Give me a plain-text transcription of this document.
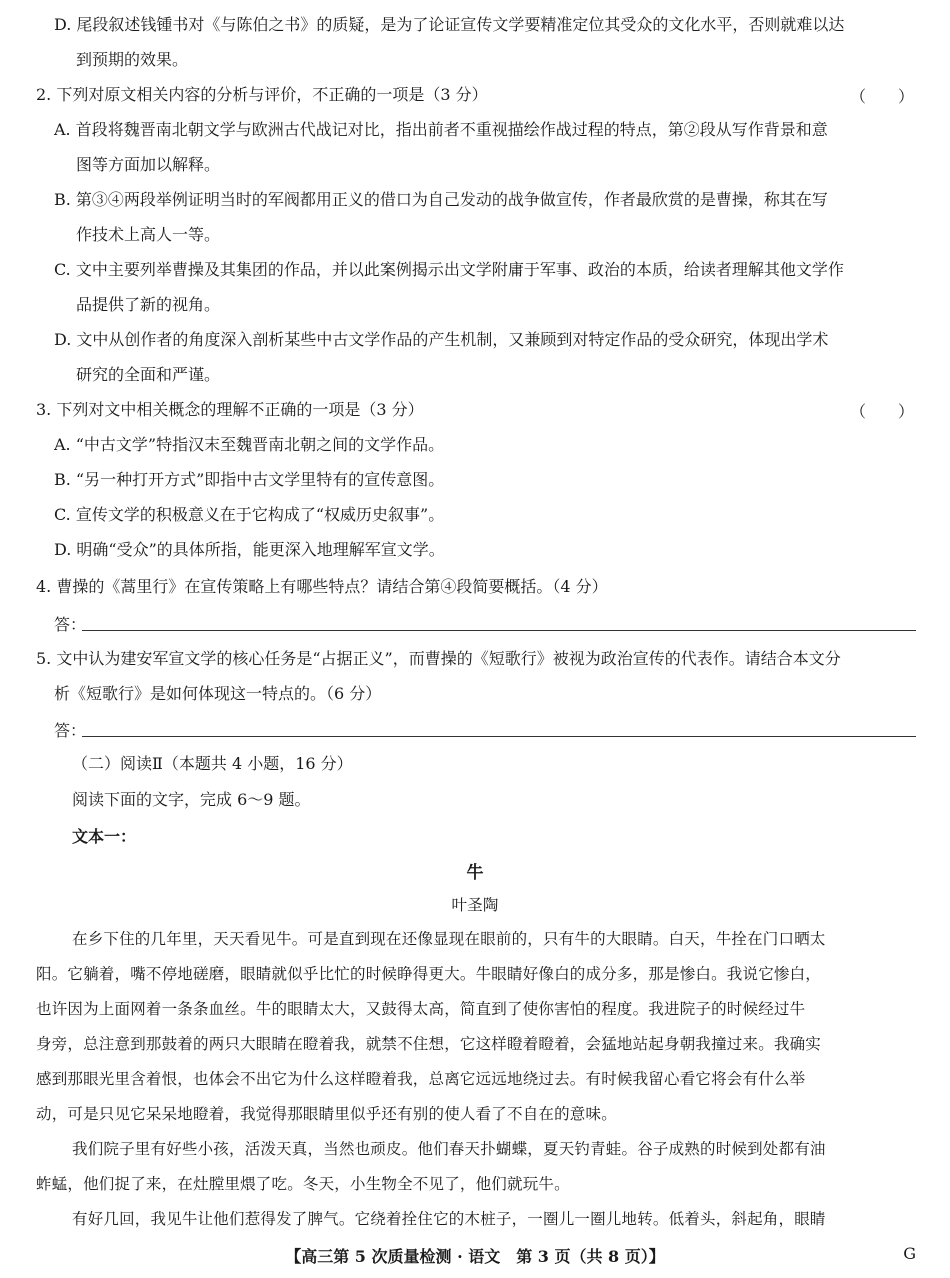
D. 尾段叙述钱锺书对《与陈伯之书》的质疑，是为了论证宣传文学要精准定位其受众的文化水平，否则就难以达
到预期的效果。
2. 下列对原文相关内容的分析与评价，不正确的一项是（3 分）	（　　）
A. 首段将魏晋南北朝文学与欧洲古代战记对比，指出前者不重视描绘作战过程的特点，第②段从写作背景和意
图等方面加以解释。
B. 第③④两段举例证明当时的军阀都用正义的借口为自己发动的战争做宣传，作者最欣赏的是曹操，称其在写
作技术上高人一等。
C. 文中主要列举曹操及其集团的作品，并以此案例揭示出文学附庸于军事、政治的本质，给读者理解其他文学作
品提供了新的视角。
D. 文中从创作者的角度深入剖析某些中古文学作品的产生机制，又兼顾到对特定作品的受众研究，体现出学术
研究的全面和严谨。
3. 下列对文中相关概念的理解不正确的一项是（3 分）	（　　）
A. “中古文学”特指汉末至魏晋南北朝之间的文学作品。
B. “另一种打开方式”即指中古文学里特有的宣传意图。
C. 宣传文学的积极意义在于它构成了“权威历史叙事”。
D. 明确“受众”的具体所指，能更深入地理解军宣文学。
4. 曹操的《蒿里行》在宣传策略上有哪些特点？请结合第④段简要概括。（4 分）
答：
5. 文中认为建安军宣文学的核心任务是“占据正义”，而曹操的《短歌行》被视为政治宣传的代表作。请结合本文分
析《短歌行》是如何体现这一特点的。（6 分）
答：
（二）阅读Ⅱ（本题共 4 小题，16 分）
阅读下面的文字，完成 6～9 题。
文本一：
牛
叶圣陶
在乡下住的几年里，天天看见牛。可是直到现在还像显现在眼前的，只有牛的大眼睛。白天，牛拴在门口晒太
阳。它躺着，嘴不停地磋磨，眼睛就似乎比忙的时候睁得更大。牛眼睛好像白的成分多，那是惨白。我说它惨白，
也许因为上面网着一条条血丝。牛的眼睛太大，又鼓得太高，简直到了使你害怕的程度。我进院子的时候经过牛
身旁，总注意到那鼓着的两只大眼睛在瞪着我，就禁不住想，它这样瞪着瞪着，会猛地站起身朝我撞过来。我确实
感到那眼光里含着恨，也体会不出它为什么这样瞪着我，总离它远远地绕过去。有时候我留心看它将会有什么举
动，可是只见它呆呆地瞪着，我觉得那眼睛里似乎还有别的使人看了不自在的意味。
我们院子里有好些小孩，活泼天真，当然也顽皮。他们春天扑蝴蝶，夏天钓青蛙。谷子成熟的时候到处都有油
蚱蜢，他们捉了来，在灶膛里煨了吃。冬天，小生物全不见了，他们就玩牛。
有好几回，我见牛让他们惹得发了脾气。它绕着拴住它的木桩子，一圈儿一圈儿地转。低着头，斜起角，眼睛
【高三第 5 次质量检测 · 语文　第 3 页（共 8 页）】	G
